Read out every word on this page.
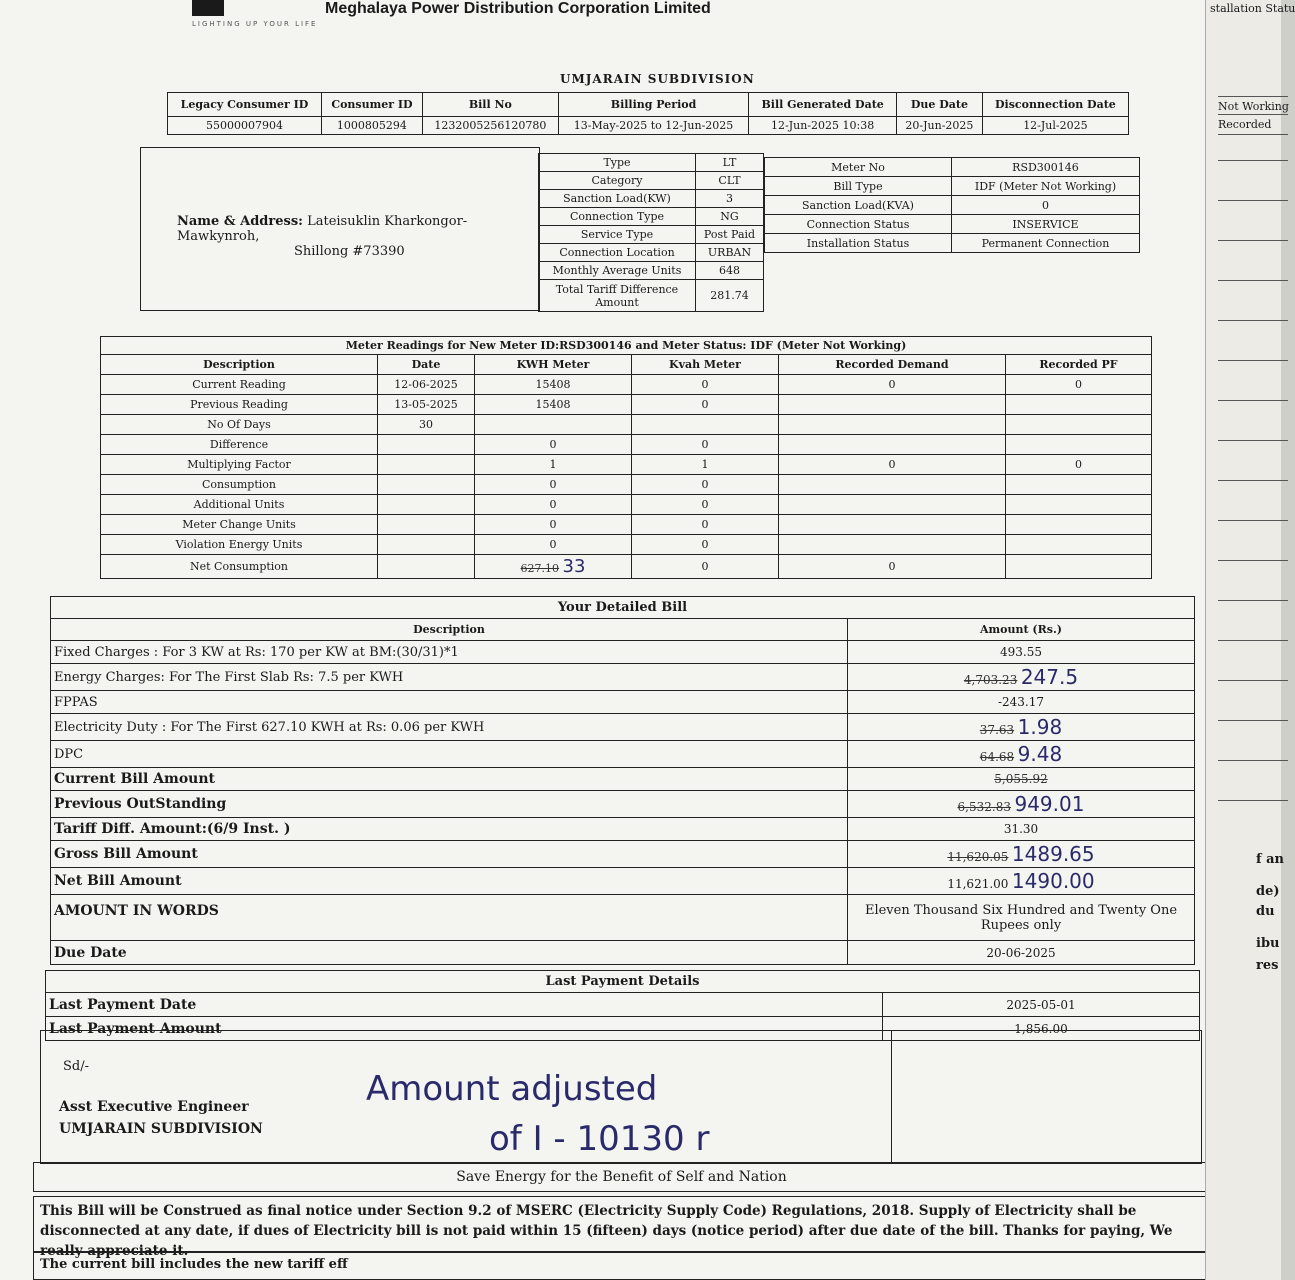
LIGHTING UP YOUR LIFE
Meghalaya Power Distribution Corporation Limited
UMJARAIN SUBDIVISION
Legacy Consumer ID	Consumer ID	Bill No	Billing Period	Bill Generated Date	Due Date	Disconnection Date
55000007904	1000805294	1232005256120780	13-May-2025 to 12-Jun-2025	12-Jun-2025 10:38	20-Jun-2025	12-Jul-2025
Name & Address: Lateisuklin Kharkongor-Mawkynroh,
Shillong #73390
Type	LT
Category	CLT
Sanction Load(KW)	3
Connection Type	NG
Service Type	Post Paid
Connection Location	URBAN
Monthly Average Units	648
Total Tariff Difference Amount	281.74
Meter No	RSD300146
Bill Type	IDF (Meter Not Working)
Sanction Load(KVA)	0
Connection Status	INSERVICE
Installation Status	Permanent Connection
Meter Readings for New Meter ID:RSD300146 and Meter Status: IDF (Meter Not Working)					
Description	Date	KWH Meter	Kvah Meter	Recorded Demand	Recorded PF
Current Reading	12-06-2025	15408	0	0	0
Previous Reading	13-05-2025	15408	0		
No Of Days	30				
Difference		0	0		
Multiplying Factor		1	1	0	0
Consumption		0	0		
Additional Units		0	0		
Meter Change Units		0	0		
Violation Energy Units		0	0		
Net Consumption		627.10 33	0	0	
Your Detailed Bill	
Description	Amount (Rs.)
Fixed Charges : For 3 KW at Rs: 170 per KW at BM:(30/31)*1	493.55
Energy Charges: For The First Slab Rs: 7.5 per KWH	4,703.23 247.5
FPPAS	-243.17
Electricity Duty : For The First 627.10 KWH at Rs: 0.06 per KWH	37.63 1.98
DPC	64.68 9.48
Current Bill Amount	5,055.92
Previous OutStanding	6,532.83 949.01
Tariff Diff. Amount:(6/9 Inst. )	31.30
Gross Bill Amount	11,620.05 1489.65
Net Bill Amount	11,621.00 1490.00
AMOUNT IN WORDS	Eleven Thousand Six Hundred and Twenty One Rupees only
Due Date	20-06-2025
Last Payment Details	
Last Payment Date	2025-05-01
Last Payment Amount	1,856.00
Sd/-
Asst Executive Engineer
UMJARAIN SUBDIVISION
Amount adjusted
of I - 10130 r
Save Energy for the Benefit of Self and Nation
This Bill will be Construed as final notice under Section 9.2 of MSERC (Electricity Supply Code) Regulations, 2018. Supply of Electricity shall be disconnected at any date, if dues of Electricity bill is not paid within 15 (fifteen) days (notice period) after due date of the bill. Thanks for paying, We really appreciate it.
The current bill includes the new tariff eff
stallation Statu
Not Working
Recorded
f an
de)
du
ibu
res
